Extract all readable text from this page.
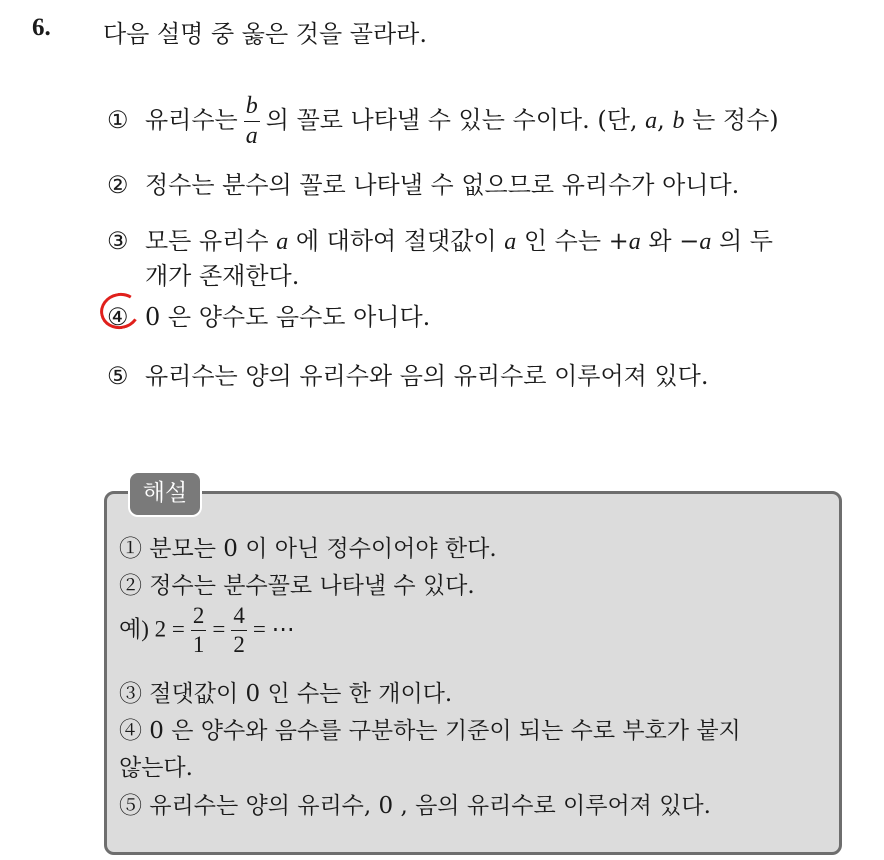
6. 다음 설명 중 옳은 것을 골라라.
① 유리수는 $\frac{b}{a}$ 의 꼴로 나타낼 수 있는 수이다. (단, a, b 는 정수)
② 정수는 분수의 꼴로 나타낼 수 없으므로 유리수가 아니다.
③ 모든 유리수 a 에 대하여 절댓값이 a 인 수는 +a 와 −a 의 두
개가 존재한다.
④ 0 은 양수도 음수도 아니다.
⑤ 유리수는 양의 유리수와 음의 유리수로 이루어져 있다.
해설
① 분모는 0 이 아닌 정수이어야 한다.
② 정수는 분수꼴로 나타낼 수 있다.
예) $2 = \frac{2}{1} = \frac{4}{2}$ = ⋯
③ 절댓값이 0 인 수는 한 개이다.
④ 0 은 양수와 음수를 구분하는 기준이 되는 수로 부호가 붙지
않는다.
⑤ 유리수는 양의 유리수, 0 , 음의 유리수로 이루어져 있다.
